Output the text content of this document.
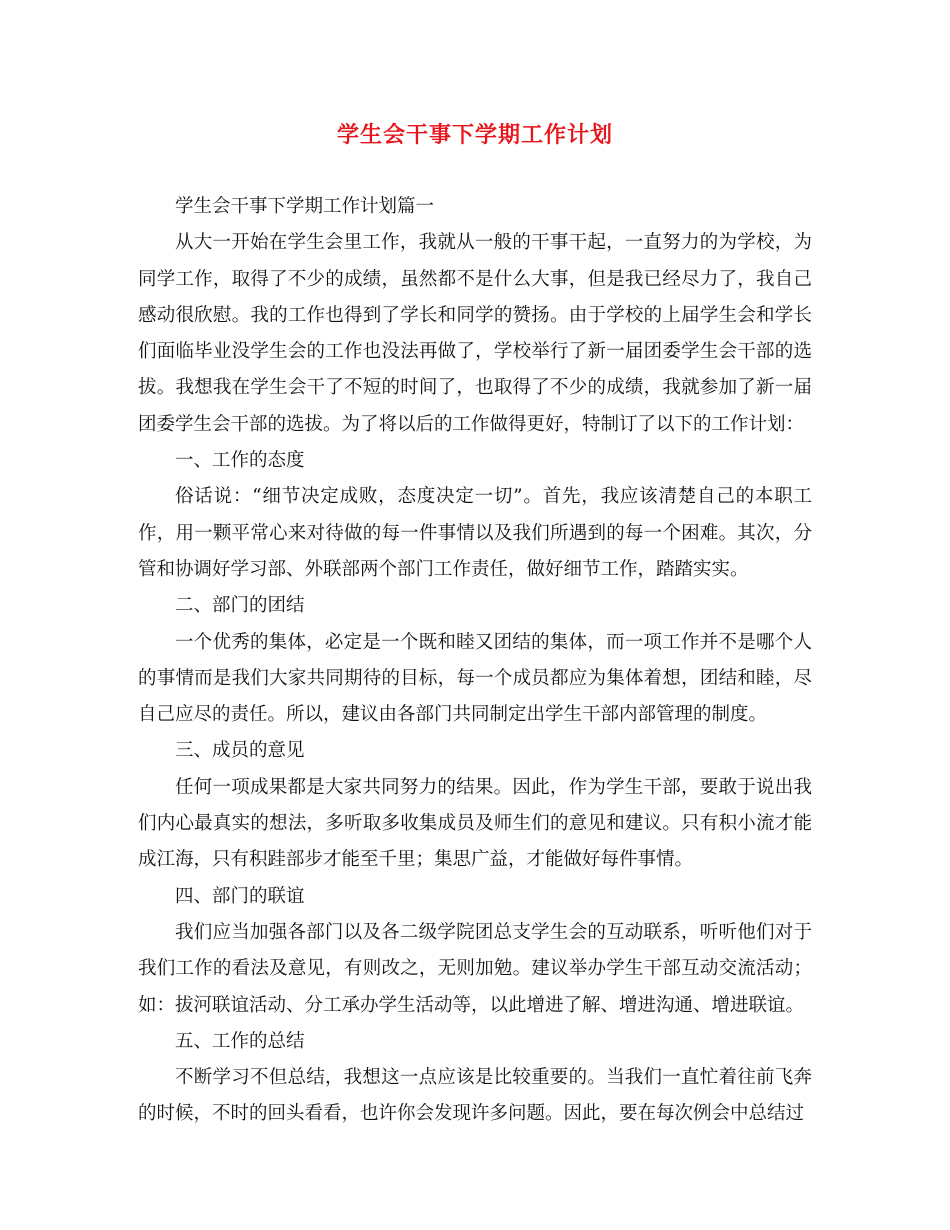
学生会干事下学期工作计划

学生会干事下学期工作计划篇一

从大一开始在学生会里工作，我就从一般的干事干起，一直努力的为学校，为同学工作，取得了不少的成绩，虽然都不是什么大事，但是我已经尽力了，我自己感动很欣慰。我的工作也得到了学长和同学的赞扬。由于学校的上届学生会和学长们面临毕业没学生会的工作也没法再做了，学校举行了新一届团委学生会干部的选拔。我想我在学生会干了不短的时间了，也取得了不少的成绩，我就参加了新一届团委学生会干部的选拔。为了将以后的工作做得更好，特制订了以下的工作计划：

一、工作的态度

俗话说：“细节决定成败，态度决定一切”。首先，我应该清楚自己的本职工作，用一颗平常心来对待做的每一件事情以及我们所遇到的每一个困难。其次，分管和协调好学习部、外联部两个部门工作责任，做好细节工作，踏踏实实。

二、部门的团结

一个优秀的集体，必定是一个既和睦又团结的集体，而一项工作并不是哪个人的事情而是我们大家共同期待的目标，每一个成员都应为集体着想，团结和睦，尽自己应尽的责任。所以，建议由各部门共同制定出学生干部内部管理的制度。

三、成员的意见

任何一项成果都是大家共同努力的结果。因此，作为学生干部，要敢于说出我们内心最真实的想法，多听取多收集成员及师生们的意见和建议。只有积小流才能成江海，只有积跬部步才能至千里；集思广益，才能做好每件事情。

四、部门的联谊

我们应当加强各部门以及各二级学院团总支学生会的互动联系，听听他们对于我们工作的看法及意见，有则改之，无则加勉。建议举办学生干部互动交流活动；如：拔河联谊活动、分工承办学生活动等，以此增进了解、增进沟通、增进联谊。

五、工作的总结

不断学习不但总结，我想这一点应该是比较重要的。当我们一直忙着往前飞奔的时候，不时的回头看看，也许你会发现许多问题。因此，要在每次例会中总结过
